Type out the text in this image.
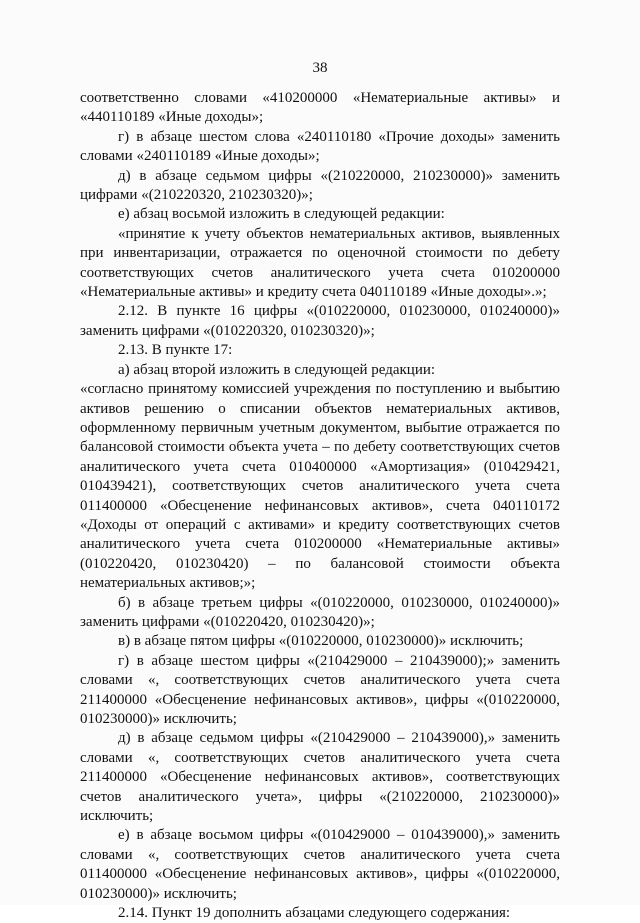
38

соответственно словами «410200000 «Нематериальные активы» и «440110189 «Иные доходы»;

г) в абзаце шестом слова «240110180 «Прочие доходы» заменить словами «240110189 «Иные доходы»;

д) в абзаце седьмом цифры «(210220000, 210230000)» заменить цифрами «(210220320, 210230320)»;

е) абзац восьмой изложить в следующей редакции:

«принятие к учету объектов нематериальных активов, выявленных при инвентаризации, отражается по оценочной стоимости по дебету соответствующих счетов аналитического учета счета 010200000 «Нематериальные активы» и кредиту счета 040110189 «Иные доходы».»;

2.12. В пункте 16 цифры «(010220000, 010230000, 010240000)» заменить цифрами «(010220320, 010230320)»;

2.13. В пункте 17:

а) абзац второй изложить в следующей редакции:

«согласно принятому комиссией учреждения по поступлению и выбытию активов решению о списании объектов нематериальных активов, оформленному первичным учетным документом, выбытие отражается по балансовой стоимости объекта учета – по дебету соответствующих счетов аналитического учета счета 010400000 «Амортизация» (010429421, 010439421), соответствующих счетов аналитического учета счета 011400000 «Обесценение нефинансовых активов», счета 040110172 «Доходы от операций с активами» и кредиту соответствующих счетов аналитического учета счета 010200000 «Нематериальные активы» (010220420, 010230420) – по балансовой стоимости объекта нематериальных активов;»;

б) в абзаце третьем цифры «(010220000, 010230000, 010240000)» заменить цифрами «(010220420, 010230420)»;

в) в абзаце пятом цифры «(010220000, 010230000)» исключить;

г) в абзаце шестом цифры «(210429000 – 210439000);» заменить словами «, соответствующих счетов аналитического учета счета 211400000 «Обесценение нефинансовых активов», цифры «(010220000, 010230000)» исключить;

д) в абзаце седьмом цифры «(210429000 – 210439000),» заменить словами «, соответствующих счетов аналитического учета счета 211400000 «Обесценение нефинансовых активов», соответствующих счетов аналитического учета», цифры «(210220000, 210230000)» исключить;

е) в абзаце восьмом цифры «(010429000 – 010439000),» заменить словами «, соответствующих счетов аналитического учета счета 011400000 «Обесценение нефинансовых активов», цифры «(010220000, 010230000)» исключить;

2.14. Пункт 19 дополнить абзацами следующего содержания:
